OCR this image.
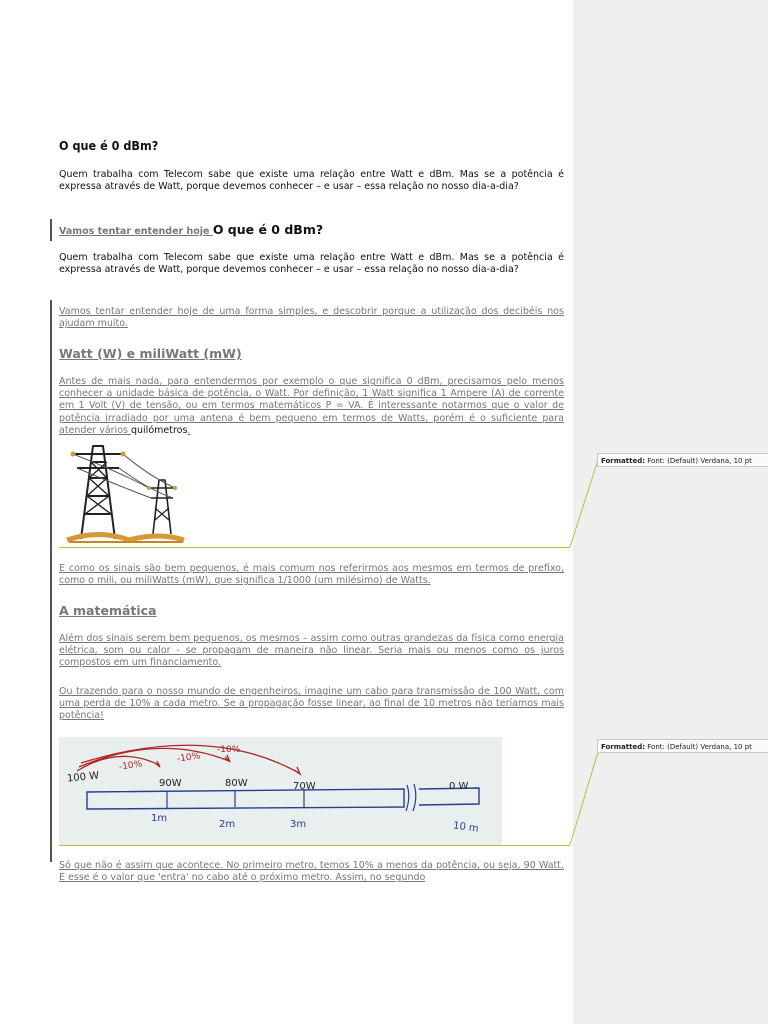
O que é 0 dBm?
Quem trabalha com Telecom sabe que existe uma relação entre Watt e dBm. Mas se a potência é expressa através de Watt, porque devemos conhecer – e usar – essa relação no nosso dia-a-dia?
Vamos tentar entender hoje O que é 0 dBm?
Quem trabalha com Telecom sabe que existe uma relação entre Watt e dBm. Mas se a potência é expressa através de Watt, porque devemos conhecer – e usar – essa relação no nosso dia-a-dia?
Vamos tentar entender hoje de uma forma simples, e descobrir porque a utilização dos decibéis nos ajudam muito.
Watt (W) e miliWatt (mW)
Antes de mais nada, para entendermos por exemplo o que significa 0 dBm, precisamos pelo menos conhecer a unidade básica de potência, o Watt. Por definição, 1 Watt significa 1 Ampere (A) de corrente em 1 Volt (V) de tensão, ou em termos matemáticos P = VA. É interessante notarmos que o valor de potência irradiado por uma antena é bem pequeno em termos de Watts, porém é o suficiente para atender vários quilómetros.
Formatted: Font: (Default) Verdana, 10 pt
E como os sinais são bem pequenos, é mais comum nos referirmos aos mesmos em termos de prefixo, como o mili, ou miliWatts (mW), que significa 1/1000 (um milésimo) de Watts.
A matemática
Além dos sinais serem bem pequenos, os mesmos – assim como outras grandezas da física como energia elétrica, som ou calor - se propagam de maneira não linear. Seria mais ou menos como os juros compostos em um financiamento.
Ou trazendo para o nosso mundo de engenheiros, imagine um cabo para transmissão de 100 Watt, com uma perda de 10% a cada metro. Se a propagação fosse linear, ao final de 10 metros não teríamos mais potência!
100 W	90W	80W	70W	0 W
-10%
-10%
-10%
1m
2m	3m	10 m
Formatted: Font: (Default) Verdana, 10 pt
Só que não é assim que acontece. No primeiro metro, temos 10% a menos da potência, ou seja, 90 Watt. E esse é o valor que 'entra' no cabo até o próximo metro. Assim, no segundo
